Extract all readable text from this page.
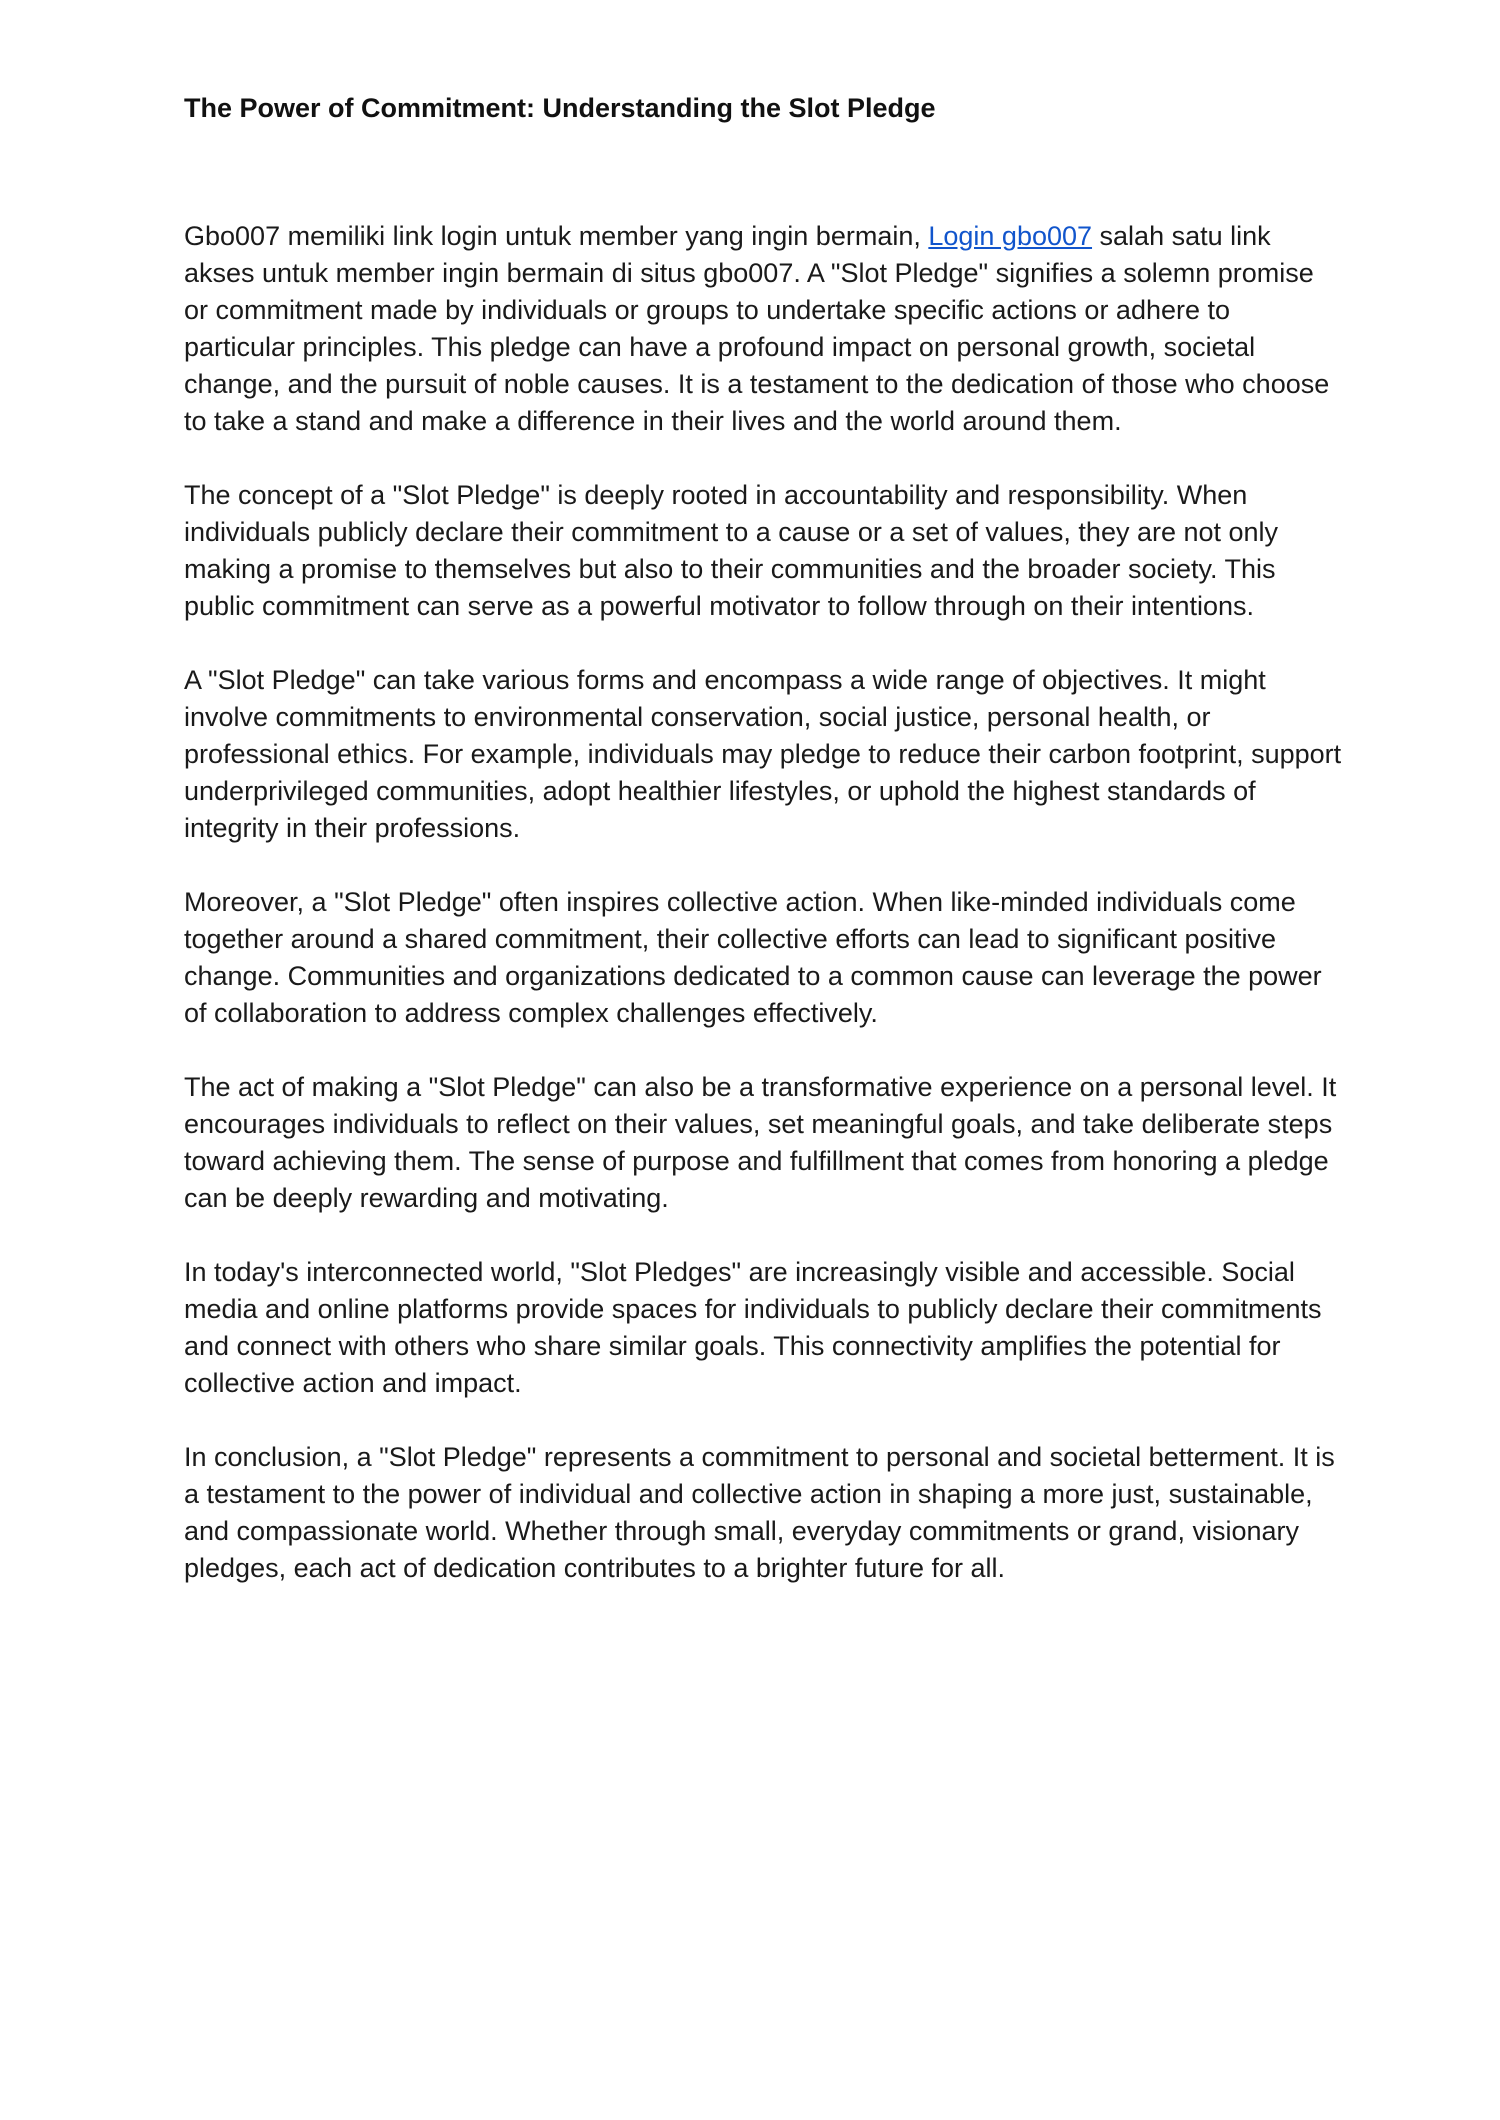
The Power of Commitment: Understanding the Slot Pledge

Gbo007 memiliki link login untuk member yang ingin bermain, Login gbo007 salah satu link akses untuk member ingin bermain di situs gbo007. A "Slot Pledge" signifies a solemn promise or commitment made by individuals or groups to undertake specific actions or adhere to particular principles. This pledge can have a profound impact on personal growth, societal change, and the pursuit of noble causes. It is a testament to the dedication of those who choose to take a stand and make a difference in their lives and the world around them.

The concept of a "Slot Pledge" is deeply rooted in accountability and responsibility. When individuals publicly declare their commitment to a cause or a set of values, they are not only making a promise to themselves but also to their communities and the broader society. This public commitment can serve as a powerful motivator to follow through on their intentions.

A "Slot Pledge" can take various forms and encompass a wide range of objectives. It might involve commitments to environmental conservation, social justice, personal health, or professional ethics. For example, individuals may pledge to reduce their carbon footprint, support underprivileged communities, adopt healthier lifestyles, or uphold the highest standards of integrity in their professions.

Moreover, a "Slot Pledge" often inspires collective action. When like-minded individuals come together around a shared commitment, their collective efforts can lead to significant positive change. Communities and organizations dedicated to a common cause can leverage the power of collaboration to address complex challenges effectively.

The act of making a "Slot Pledge" can also be a transformative experience on a personal level. It encourages individuals to reflect on their values, set meaningful goals, and take deliberate steps toward achieving them. The sense of purpose and fulfillment that comes from honoring a pledge can be deeply rewarding and motivating.

In today's interconnected world, "Slot Pledges" are increasingly visible and accessible. Social media and online platforms provide spaces for individuals to publicly declare their commitments and connect with others who share similar goals. This connectivity amplifies the potential for collective action and impact.

In conclusion, a "Slot Pledge" represents a commitment to personal and societal betterment. It is a testament to the power of individual and collective action in shaping a more just, sustainable, and compassionate world. Whether through small, everyday commitments or grand, visionary pledges, each act of dedication contributes to a brighter future for all.
